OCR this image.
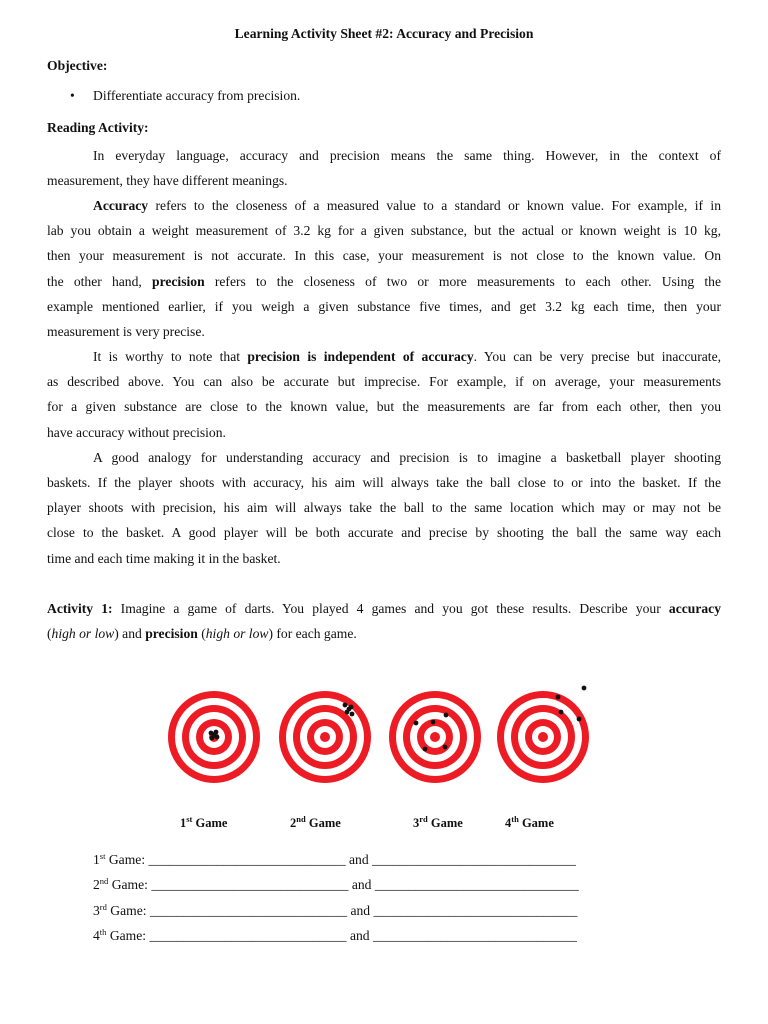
Learning Activity Sheet #2: Accuracy and Precision
Objective:
• Differentiate accuracy from precision.
Reading Activity:
In everyday language, accuracy and precision means the same thing. However, in the context of
measurement, they have different meanings.
Accuracy refers to the closeness of a measured value to a standard or known value. For example, if in
lab you obtain a weight measurement of 3.2 kg for a given substance, but the actual or known weight is 10 kg,
then your measurement is not accurate. In this case, your measurement is not close to the known value. On
the other hand, precision refers to the closeness of two or more measurements to each other. Using the
example mentioned earlier, if you weigh a given substance five times, and get 3.2 kg each time, then your
measurement is very precise.
It is worthy to note that precision is independent of accuracy. You can be very precise but inaccurate,
as described above. You can also be accurate but imprecise. For example, if on average, your measurements
for a given substance are close to the known value, but the measurements are far from each other, then you
have accuracy without precision.
A good analogy for understanding accuracy and precision is to imagine a basketball player shooting
baskets. If the player shoots with accuracy, his aim will always take the ball close to or into the basket. If the
player shoots with precision, his aim will always take the ball to the same location which may or may not be
close to the basket. A good player will be both accurate and precise by shooting the ball the same way each
time and each time making it in the basket.
Activity 1: Imagine a game of darts. You played 4 games and you got these results. Describe your accuracy
(high or low) and precision (high or low) for each game.
1st Game	2nd Game	3rd Game	4th Game
1st Game: _____________________________ and ______________________________
2nd Game: _____________________________ and ______________________________
3rd Game: _____________________________ and ______________________________
4th Game: _____________________________ and ______________________________
